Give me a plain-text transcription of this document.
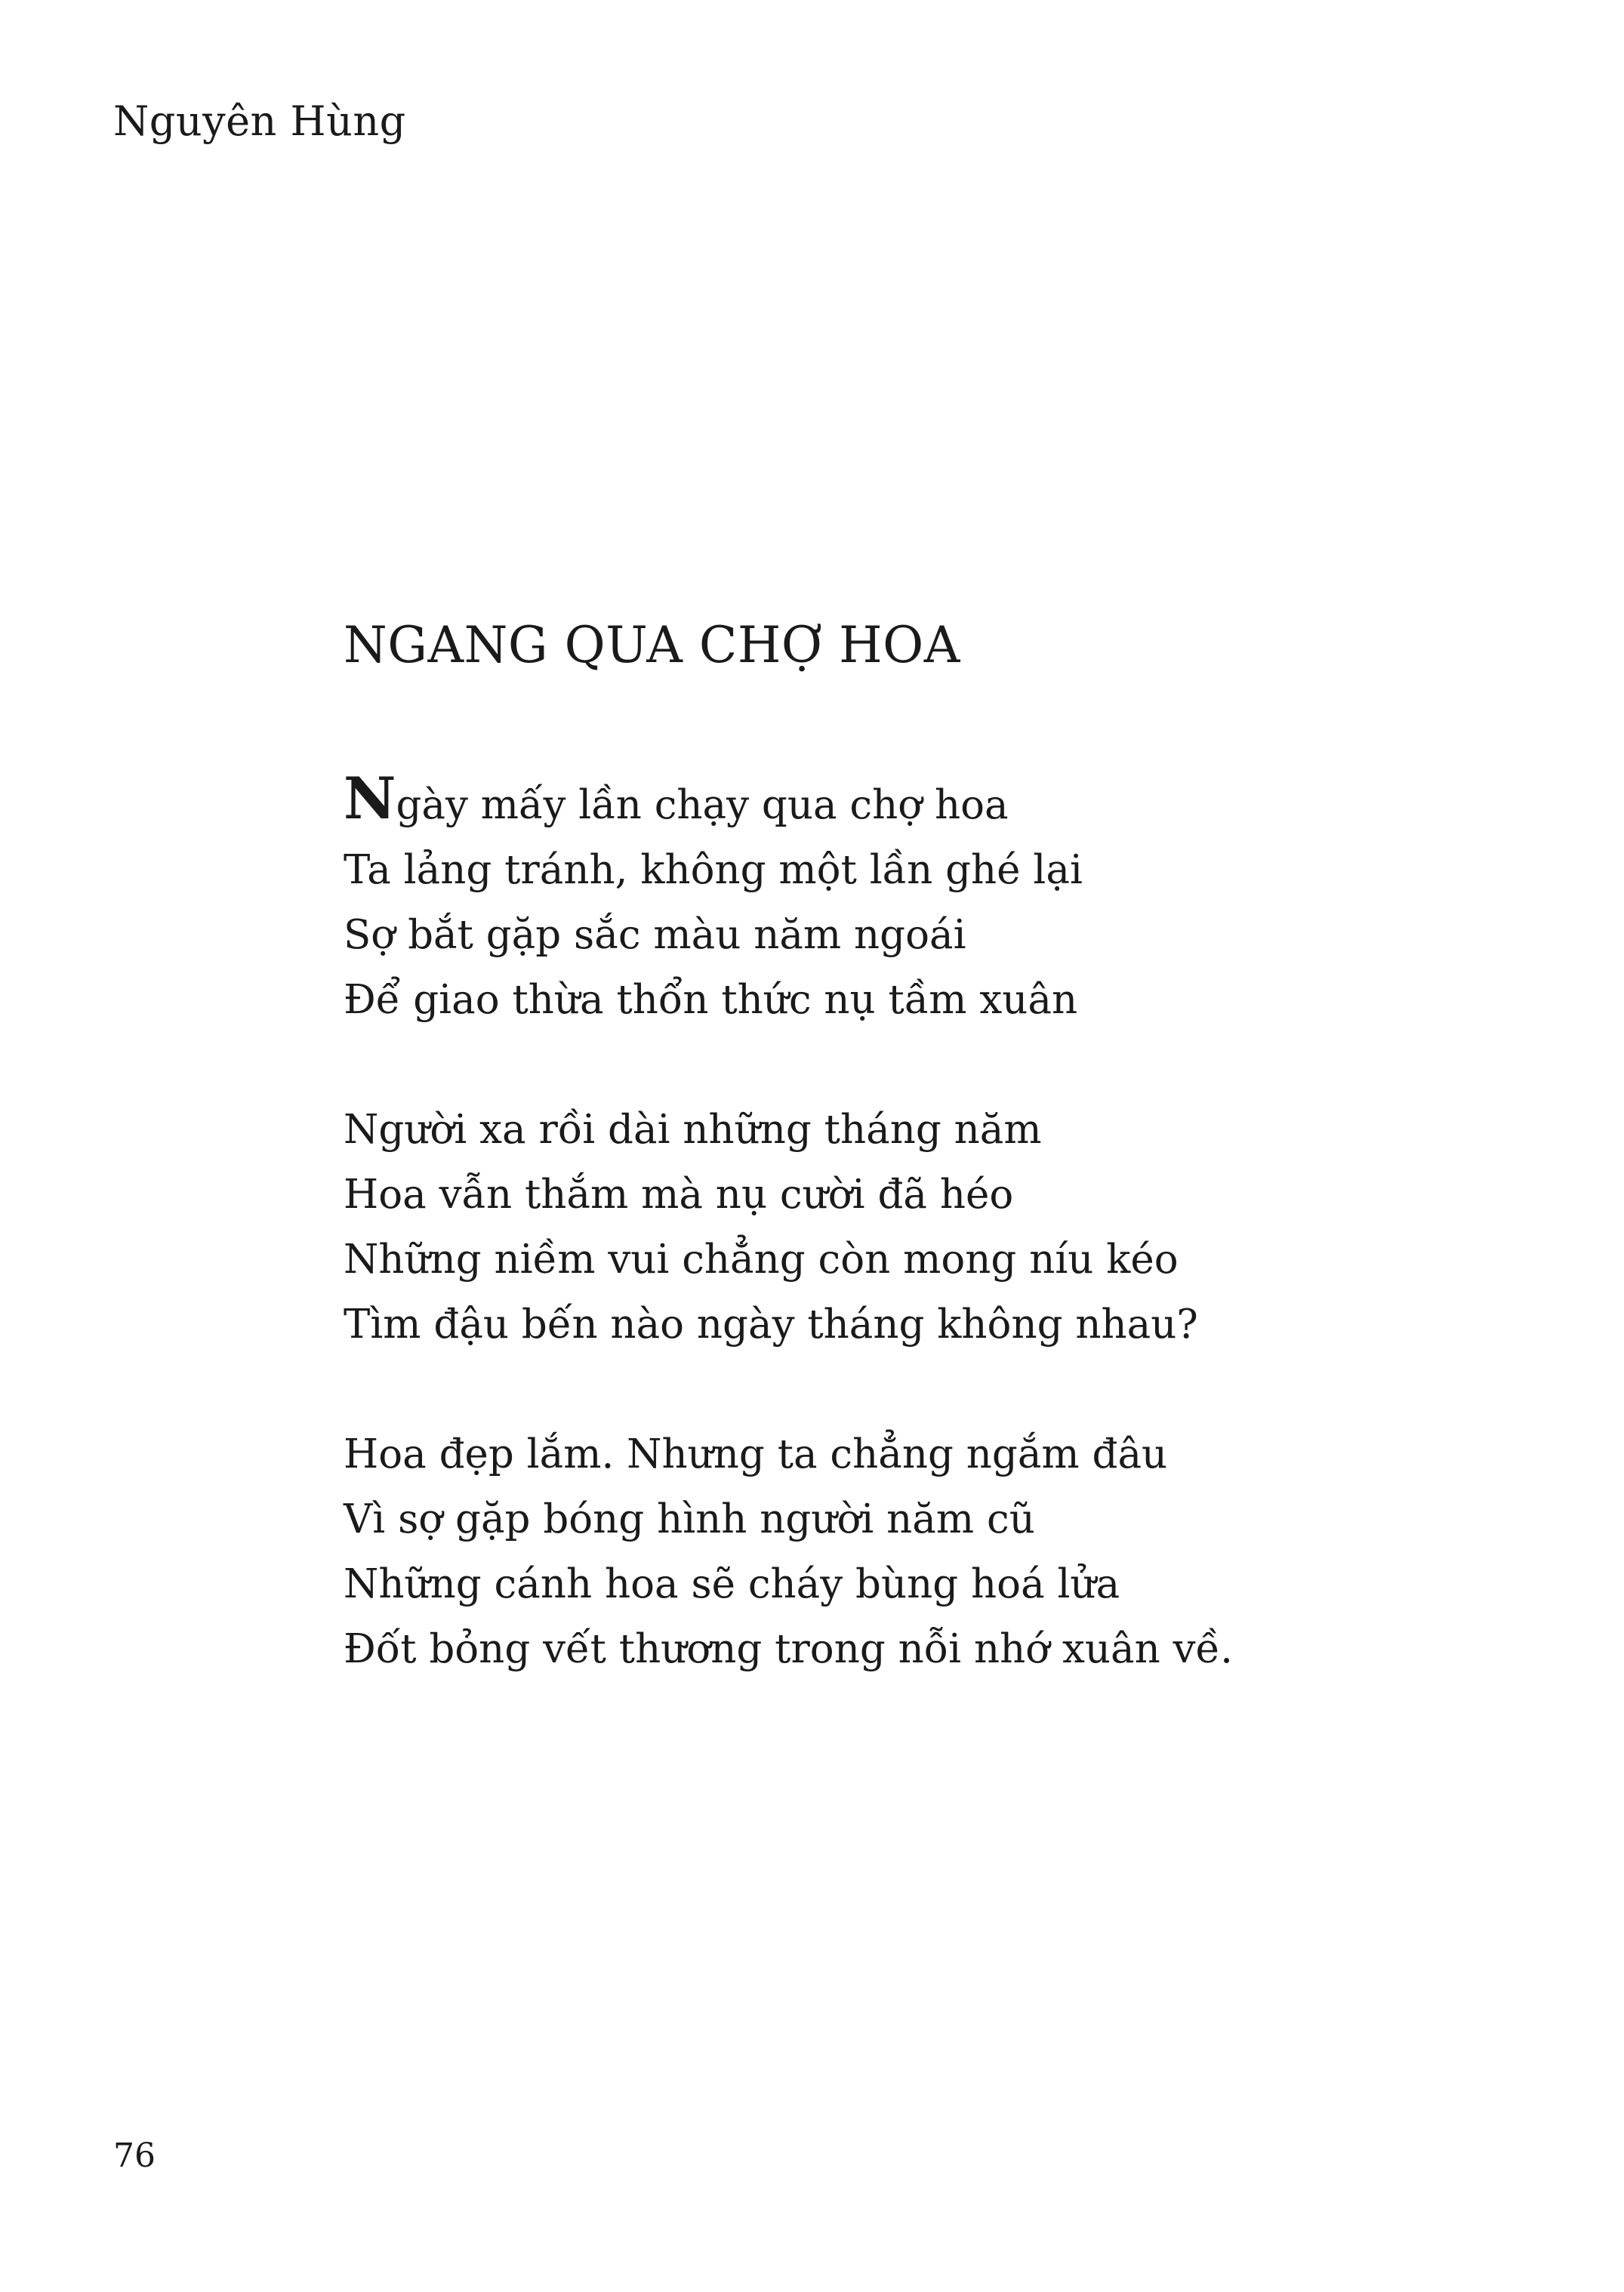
Nguyên Hùng
NGANG QUA CHỢ HOA
Ngày mấy lần chạy qua chợ hoa
Ta lảng tránh, không một lần ghé lại
Sợ bắt gặp sắc màu năm ngoái
Để giao thừa thổn thức nụ tầm xuân
Người xa rồi dài những tháng năm
Hoa vẫn thắm mà nụ cười đã héo
Những niềm vui chẳng còn mong níu kéo
Tìm đậu bến nào ngày tháng không nhau?
Hoa đẹp lắm. Nhưng ta chẳng ngắm đâu
Vì sợ gặp bóng hình người năm cũ
Những cánh hoa sẽ cháy bùng hoá lửa
Đốt bỏng vết thương trong nỗi nhớ xuân về.
76
